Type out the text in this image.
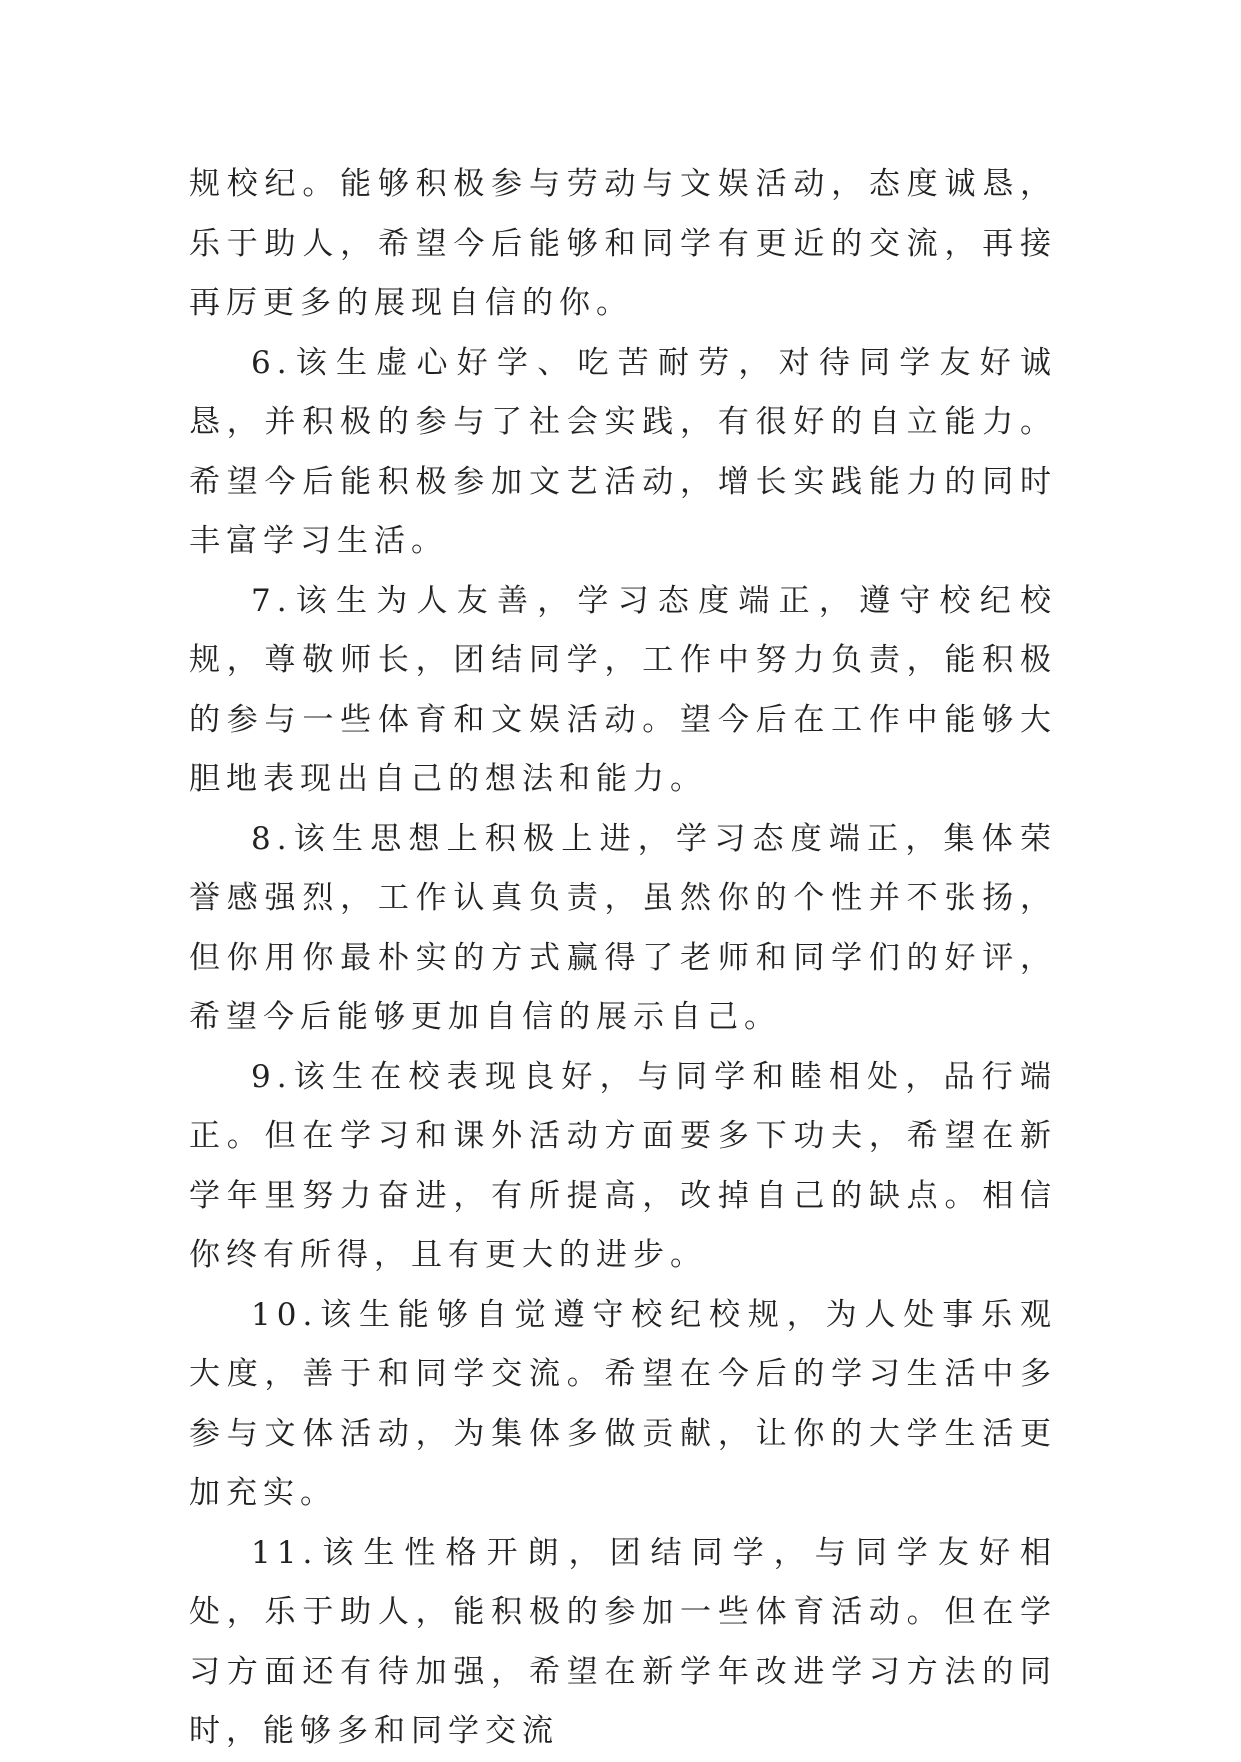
规校纪。能够积极参与劳动与文娱活动，态度诚恳，乐于助人，希望今后能够和同学有更近的交流，再接再厉更多的展现自信的你。

6.该生虚心好学、吃苦耐劳，对待同学友好诚恳，并积极的参与了社会实践，有很好的自立能力。希望今后能积极参加文艺活动，增长实践能力的同时丰富学习生活。

7.该生为人友善，学习态度端正，遵守校纪校规，尊敬师长，团结同学，工作中努力负责，能积极的参与一些体育和文娱活动。望今后在工作中能够大胆地表现出自己的想法和能力。

8.该生思想上积极上进，学习态度端正，集体荣誉感强烈，工作认真负责，虽然你的个性并不张扬，但你用你最朴实的方式赢得了老师和同学们的好评，希望今后能够更加自信的展示自己。

9.该生在校表现良好，与同学和睦相处，品行端正。但在学习和课外活动方面要多下功夫，希望在新学年里努力奋进，有所提高，改掉自己的缺点。相信你终有所得，且有更大的进步。

10.该生能够自觉遵守校纪校规，为人处事乐观大度，善于和同学交流。希望在今后的学习生活中多参与文体活动，为集体多做贡献，让你的大学生活更加充实。

11.该生性格开朗，团结同学，与同学友好相处，乐于助人，能积极的参加一些体育活动。但在学习方面还有待加强，希望在新学年改进学习方法的同时，能够多和同学交流
